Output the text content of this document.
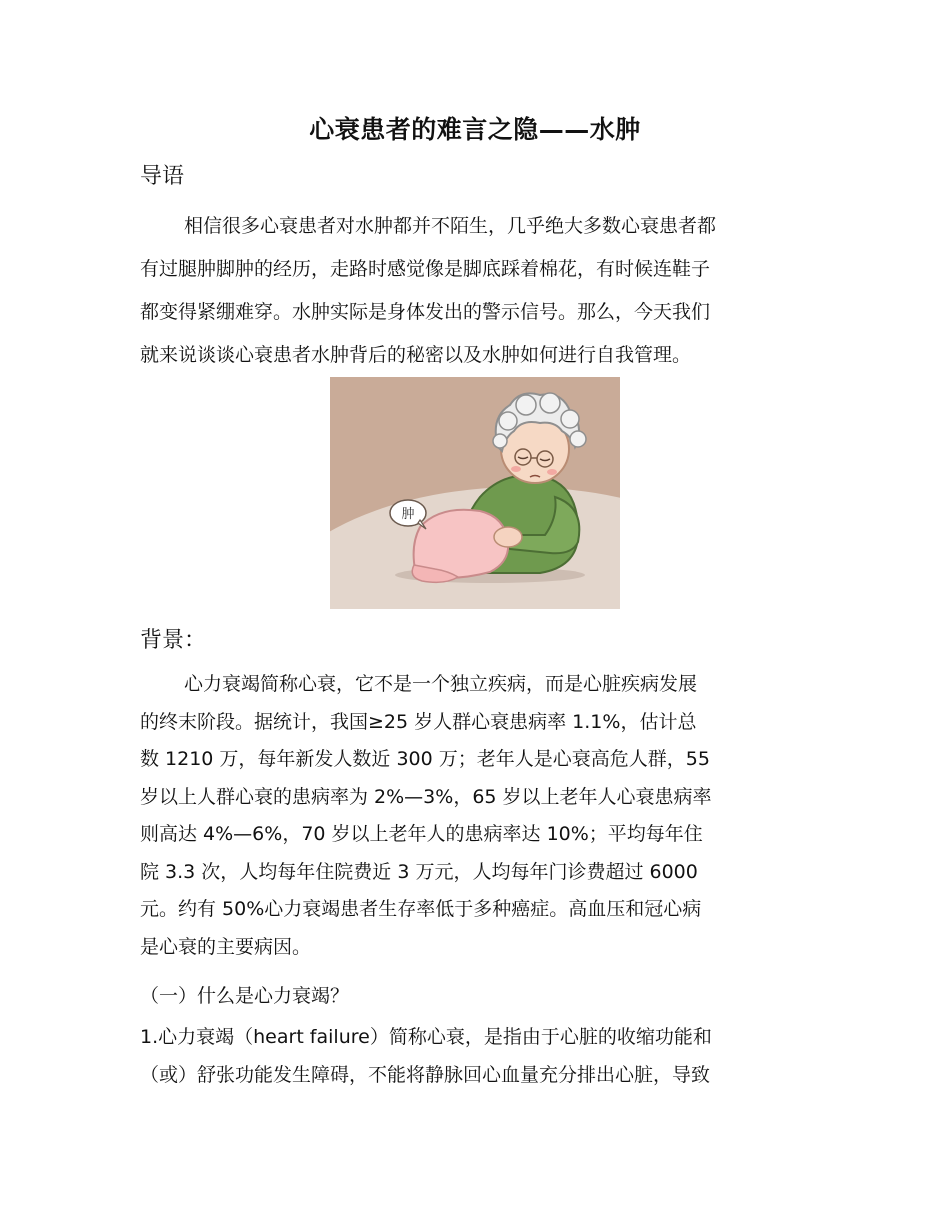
心衰患者的难言之隐——水肿
导语
相信很多心衰患者对水肿都并不陌生，几乎绝大多数心衰患者都
有过腿肿脚肿的经历，走路时感觉像是脚底踩着棉花，有时候连鞋子
都变得紧绷难穿。水肿实际是身体发出的警示信号。那么，今天我们
就来说谈谈心衰患者水肿背后的秘密以及水肿如何进行自我管理。
肿
背景：
心力衰竭简称心衰，它不是一个独立疾病，而是心脏疾病发展
的终末阶段。据统计，我国≥25 岁人群心衰患病率 1.1%，估计总
数 1210 万，每年新发人数近 300 万；老年人是心衰高危人群，55
岁以上人群心衰的患病率为 2%—3%，65 岁以上老年人心衰患病率
则高达 4%—6%，70 岁以上老年人的患病率达 10%；平均每年住
院 3.3 次，人均每年住院费近 3 万元，人均每年门诊费超过 6000
元。约有 50%心力衰竭患者生存率低于多种癌症。高血压和冠心病
是心衰的主要病因。
（一）什么是心力衰竭？
1.心力衰竭（heart failure）简称心衰，是指由于心脏的收缩功能和
（或）舒张功能发生障碍，不能将静脉回心血量充分排出心脏，导致
